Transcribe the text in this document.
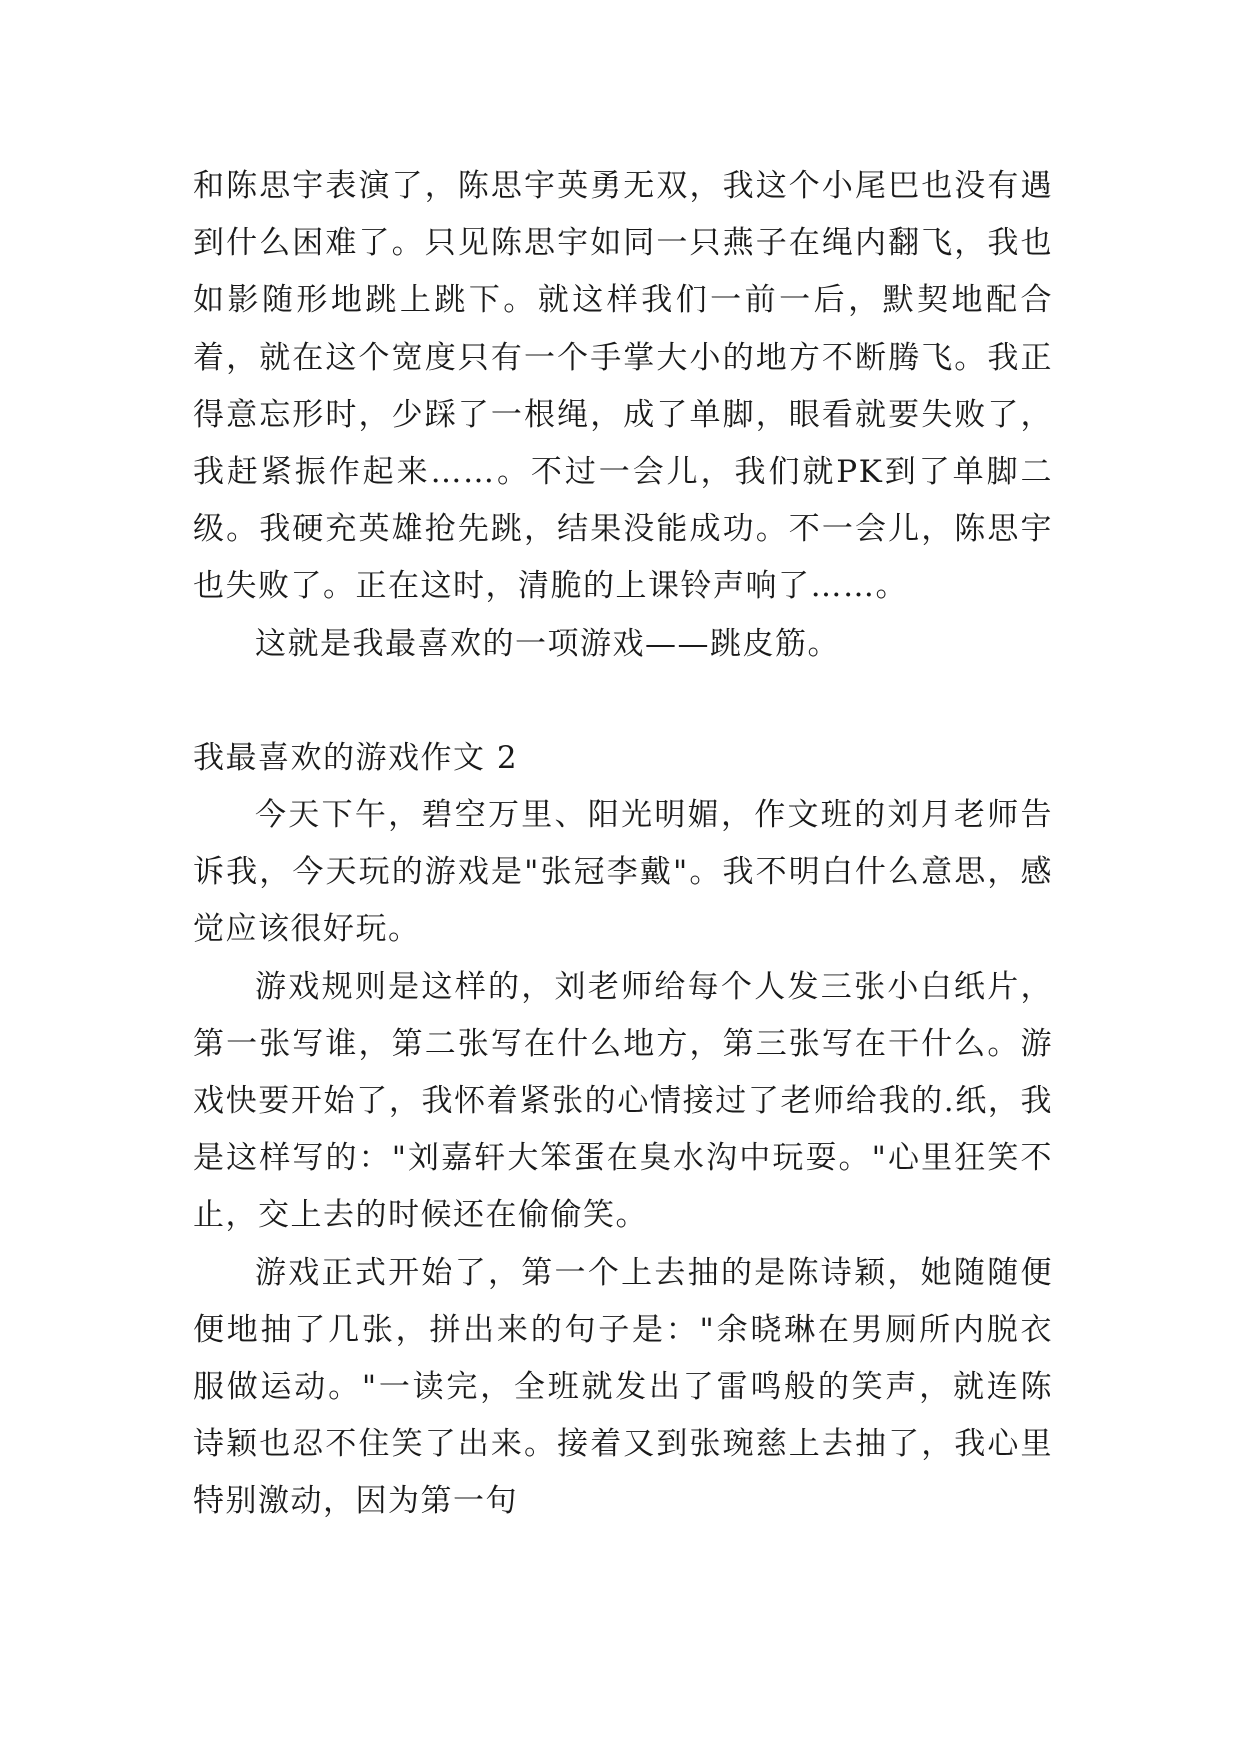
和陈思宇表演了，陈思宇英勇无双，我这个小尾巴也没有遇到什么困难了。只见陈思宇如同一只燕子在绳内翻飞，我也如影随形地跳上跳下。就这样我们一前一后，默契地配合着，就在这个宽度只有一个手掌大小的地方不断腾飞。我正得意忘形时，少踩了一根绳，成了单脚，眼看就要失败了，我赶紧振作起来……。不过一会儿，我们就PK到了单脚二级。我硬充英雄抢先跳，结果没能成功。不一会儿，陈思宇也失败了。正在这时，清脆的上课铃声响了……。

这就是我最喜欢的一项游戏——跳皮筋。

我最喜欢的游戏作文 2

今天下午，碧空万里、阳光明媚，作文班的刘月老师告诉我，今天玩的游戏是"张冠李戴"。我不明白什么意思，感觉应该很好玩。

游戏规则是这样的，刘老师给每个人发三张小白纸片，第一张写谁，第二张写在什么地方，第三张写在干什么。游戏快要开始了，我怀着紧张的心情接过了老师给我的.纸，我是这样写的："刘嘉轩大笨蛋在臭水沟中玩耍。"心里狂笑不止，交上去的时候还在偷偷笑。

游戏正式开始了，第一个上去抽的是陈诗颖，她随随便便地抽了几张，拼出来的句子是："余晓琳在男厕所内脱衣服做运动。"一读完，全班就发出了雷鸣般的笑声，就连陈诗颖也忍不住笑了出来。接着又到张琬慈上去抽了，我心里特别激动，因为第一句
